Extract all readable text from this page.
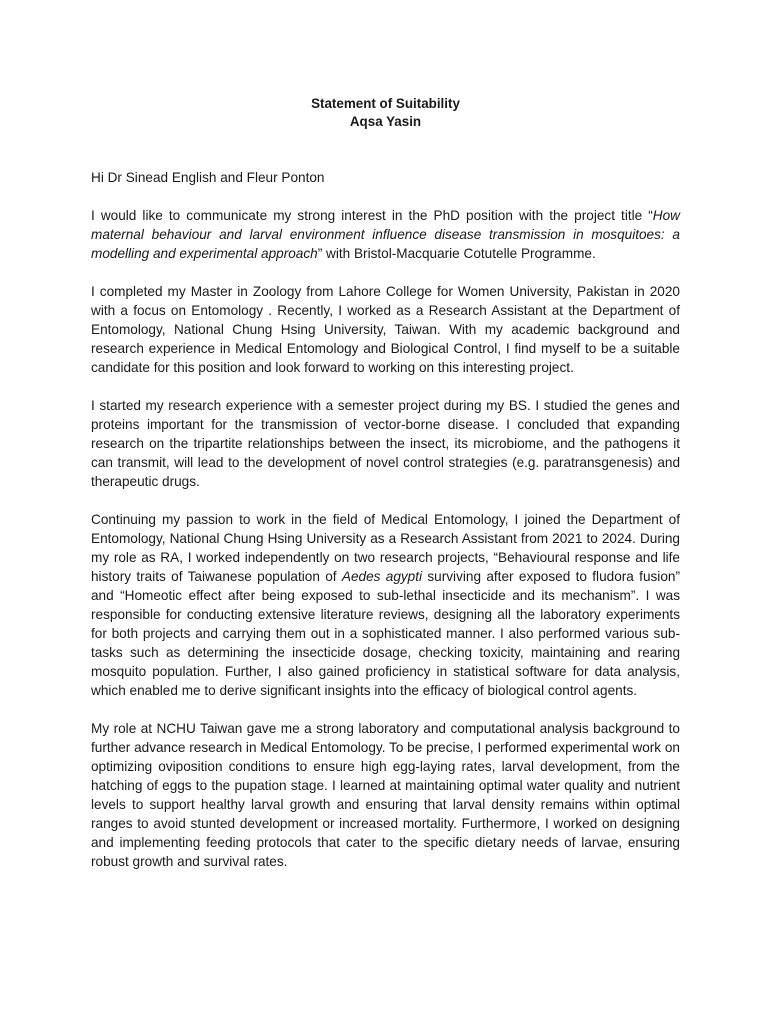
Statement of Suitability

Aqsa Yasin

Hi Dr Sinead English and Fleur Ponton

I would like to communicate my strong interest in the PhD position with the project title “How maternal behaviour and larval environment influence disease transmission in mosquitoes: a modelling and experimental approach” with Bristol-Macquarie Cotutelle Programme.

I completed my Master in Zoology from Lahore College for Women University, Pakistan in 2020 with a focus on Entomology . Recently, I worked as a Research Assistant at the Department of Entomology, National Chung Hsing University, Taiwan. With my academic background and research experience in Medical Entomology and Biological Control, I find myself to be a suitable candidate for this position and look forward to working on this interesting project.

I started my research experience with a semester project during my BS. I studied the genes and proteins important for the transmission of vector-borne disease. I concluded that expanding research on the tripartite relationships between the insect, its microbiome, and the pathogens it can transmit, will lead to the development of novel control strategies (e.g. paratransgenesis) and therapeutic drugs.

Continuing my passion to work in the field of Medical Entomology, I joined the Department of Entomology, National Chung Hsing University as a Research Assistant from 2021 to 2024. During my role as RA, I worked independently on two research projects, “Behavioural response and life history traits of Taiwanese population of Aedes agypti surviving after exposed to fludora fusion” and “Homeotic effect after being exposed to sub-lethal insecticide and its mechanism”. I was responsible for conducting extensive literature reviews, designing all the laboratory experiments for both projects and carrying them out in a sophisticated manner. I also performed various sub-tasks such as determining the insecticide dosage, checking toxicity, maintaining and rearing mosquito population. Further, I also gained proficiency in statistical software for data analysis, which enabled me to derive significant insights into the efficacy of biological control agents.

My role at NCHU Taiwan gave me a strong laboratory and computational analysis background to further advance research in Medical Entomology. To be precise, I performed experimental work on optimizing oviposition conditions to ensure high egg-laying rates, larval development, from the hatching of eggs to the pupation stage. I learned at maintaining optimal water quality and nutrient levels to support healthy larval growth and ensuring that larval density remains within optimal ranges to avoid stunted development or increased mortality. Furthermore, I worked on designing and implementing feeding protocols that cater to the specific dietary needs of larvae, ensuring robust growth and survival rates.
